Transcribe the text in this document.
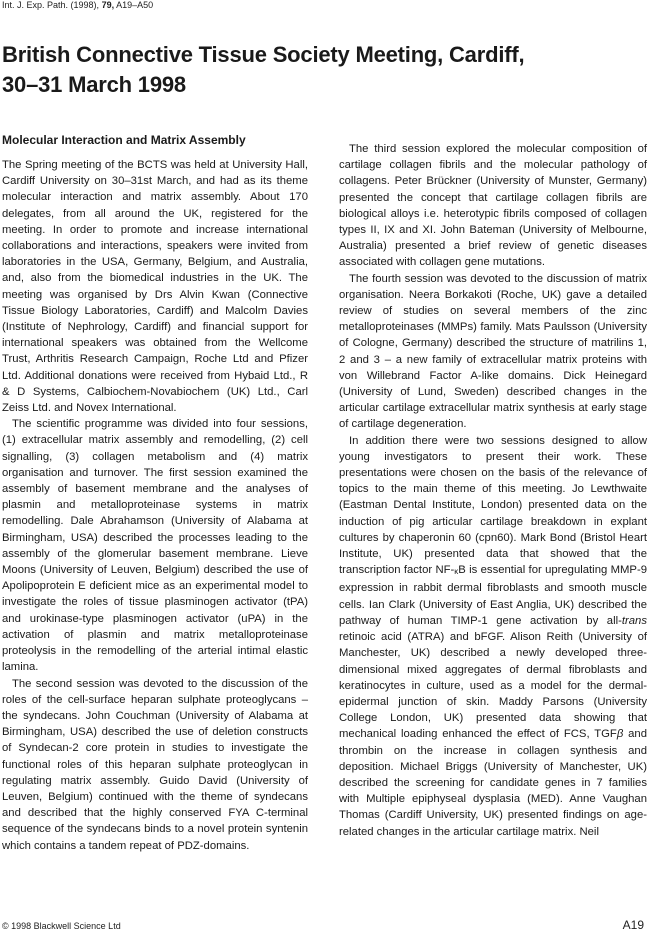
Int. J. Exp. Path. (1998), 79, A19–A50
British Connective Tissue Society Meeting, Cardiff,
30–31 March 1998
Molecular Interaction and Matrix Assembly

The Spring meeting of the BCTS was held at University Hall, Cardiff University on 30–31st March, and had as its theme molecular interaction and matrix assembly. About 170 delegates, from all around the UK, registered for the meeting. In order to promote and increase international collaborations and interactions, speakers were invited from laboratories in the USA, Germany, Belgium, and Australia, and, also from the biomedical industries in the UK. The meeting was organised by Drs Alvin Kwan (Connective Tissue Biology Laboratories, Cardiff) and Malcolm Davies (Institute of Nephrology, Cardiff) and financial support for international speakers was obtained from the Wellcome Trust, Arthritis Research Campaign, Roche Ltd and Pfizer Ltd. Additional donations were received from Hybaid Ltd., R & D Systems, Calbiochem-Novabiochem (UK) Ltd., Carl Zeiss Ltd. and Novex International.

The scientific programme was divided into four sessions, (1) extracellular matrix assembly and remodelling, (2) cell signalling, (3) collagen metabolism and (4) matrix organisation and turnover. The first session examined the assembly of basement membrane and the analyses of plasmin and metalloproteinase systems in matrix remodelling. Dale Abrahamson (University of Alabama at Birmingham, USA) described the processes leading to the assembly of the glomerular basement membrane. Lieve Moons (University of Leuven, Belgium) described the use of Apolipoprotein E deficient mice as an experimental model to investigate the roles of tissue plasminogen activator (tPA) and urokinase-type plasminogen activator (uPA) in the activation of plasmin and matrix metalloproteinase proteolysis in the remodelling of the arterial intimal elastic lamina.

The second session was devoted to the discussion of the roles of the cell-surface heparan sulphate proteoglycans – the syndecans. John Couchman (University of Alabama at Birmingham, USA) described the use of deletion constructs of Syndecan-2 core protein in studies to investigate the functional roles of this heparan sulphate proteoglycan in regulating matrix assembly. Guido David (University of Leuven, Belgium) continued with the theme of syndecans and described that the highly conserved FYA C-terminal sequence of the syndecans binds to a novel protein syntenin which contains a tandem repeat of PDZ-domains.

The third session explored the molecular composition of cartilage collagen fibrils and the molecular pathology of collagens. Peter Brückner (University of Munster, Germany) presented the concept that cartilage collagen fibrils are biological alloys i.e. heterotypic fibrils composed of collagen types II, IX and XI. John Bateman (University of Melbourne, Australia) presented a brief review of genetic diseases associated with collagen gene mutations.

The fourth session was devoted to the discussion of matrix organisation. Neera Borkakoti (Roche, UK) gave a detailed review of studies on several members of the zinc metalloproteinases (MMPs) family. Mats Paulsson (University of Cologne, Germany) described the structure of matrilins 1, 2 and 3 – a new family of extracellular matrix proteins with von Willebrand Factor A-like domains. Dick Heinegard (University of Lund, Sweden) described changes in the articular cartilage extracellular matrix synthesis at early stage of cartilage degeneration.

In addition there were two sessions designed to allow young investigators to present their work. These presentations were chosen on the basis of the relevance of topics to the main theme of this meeting. Jo Lewthwaite (Eastman Dental Institute, London) presented data on the induction of pig articular cartilage breakdown in explant cultures by chaperonin 60 (cpn60). Mark Bond (Bristol Heart Institute, UK) presented data that showed that the transcription factor NF-κB is essential for upregulating MMP-9 expression in rabbit dermal fibroblasts and smooth muscle cells. Ian Clark (University of East Anglia, UK) described the pathway of human TIMP-1 gene activation by all-trans retinoic acid (ATRA) and bFGF. Alison Reith (University of Manchester, UK) described a newly developed three-dimensional mixed aggregates of dermal fibroblasts and keratinocytes in culture, used as a model for the dermal-epidermal junction of skin. Maddy Parsons (University College London, UK) presented data showing that mechanical loading enhanced the effect of FCS, TGFβ and thrombin on the increase in collagen synthesis and deposition. Michael Briggs (University of Manchester, UK) described the screening for candidate genes in 7 families with Multiple epiphyseal dysplasia (MED). Anne Vaughan Thomas (Cardiff University, UK) presented findings on age-related changes in the articular cartilage matrix. Neil

© 1998 Blackwell Science Ltd	A19
